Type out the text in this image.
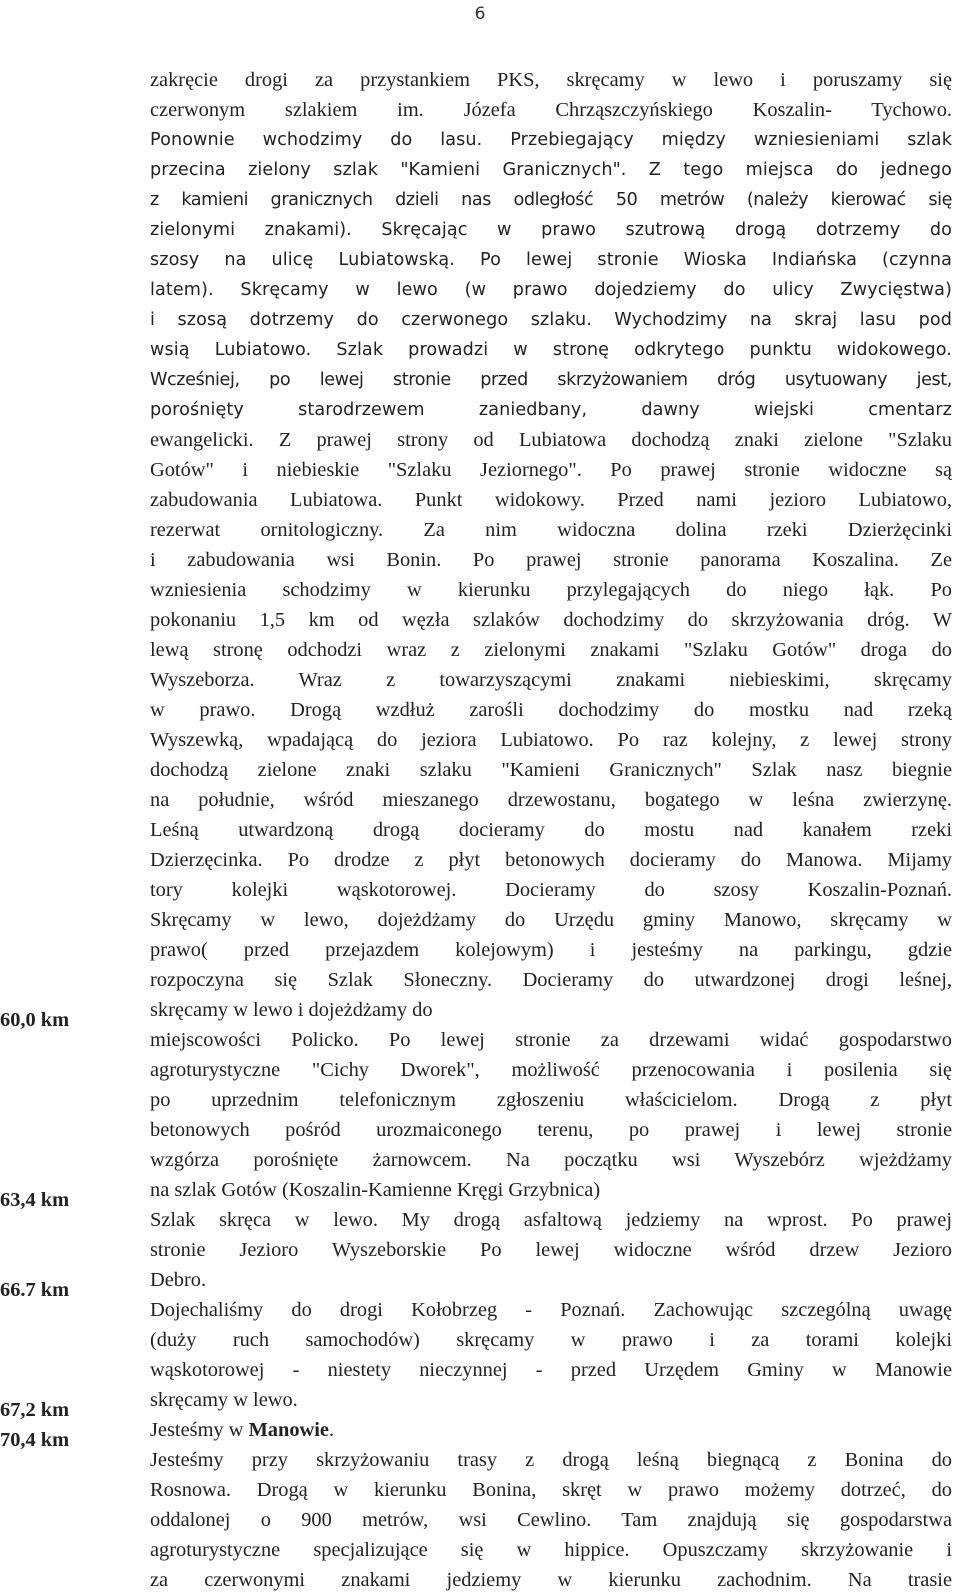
6
60,0 km
63,4 km
66.7 km
67,2 km
70,4 km
zakręcie drogi za przystankiem PKS, skręcamy w lewo i poruszamy się
czerwonym szlakiem im. Józefa Chrząszczyńskiego Koszalin- Tychowo.
Ponownie wchodzimy do lasu. Przebiegający między wzniesieniami szlak
przecina zielony szlak "Kamieni Granicznych". Z tego miejsca do jednego
z kamieni granicznych dzieli nas odległość 50 metrów (należy kierować się
zielonymi znakami). Skręcając w prawo szutrową drogą dotrzemy do
szosy na ulicę Lubiatowską. Po lewej stronie Wioska Indiańska (czynna
latem). Skręcamy w lewo (w prawo dojedziemy do ulicy Zwycięstwa)
i szosą dotrzemy do czerwonego szlaku. Wychodzimy na skraj lasu pod
wsią Lubiatowo. Szlak prowadzi w stronę odkrytego punktu widokowego.
Wcześniej, po lewej stronie przed skrzyżowaniem dróg usytuowany jest,
porośnięty starodrzewem zaniedbany, dawny wiejski cmentarz
ewangelicki. Z prawej strony od Lubiatowa dochodzą znaki zielone "Szlaku
Gotów" i niebieskie "Szlaku Jeziornego". Po prawej stronie widoczne są
zabudowania Lubiatowa. Punkt widokowy. Przed nami jezioro Lubiatowo,
rezerwat ornitologiczny. Za nim widoczna dolina rzeki Dzierżęcinki
i zabudowania wsi Bonin. Po prawej stronie panorama Koszalina. Ze
wzniesienia schodzimy w kierunku przylegających do niego łąk. Po
pokonaniu 1,5 km od węzła szlaków dochodzimy do skrzyżowania dróg. W
lewą stronę odchodzi wraz z zielonymi znakami "Szlaku Gotów" droga do
Wyszeborza. Wraz z towarzyszącymi znakami niebieskimi, skręcamy
w prawo. Drogą wzdłuż zarośli dochodzimy do mostku nad rzeką
Wyszewką, wpadającą do jeziora Lubiatowo. Po raz kolejny, z lewej strony
dochodzą zielone znaki szlaku "Kamieni Granicznych" Szlak nasz biegnie
na południe, wśród mieszanego drzewostanu, bogatego w leśna zwierzynę.
Leśną utwardzoną drogą docieramy do mostu nad kanałem rzeki
Dzierzęcinka. Po drodze z płyt betonowych docieramy do Manowa. Mijamy
tory kolejki wąskotorowej. Docieramy do szosy Koszalin-Poznań.
Skręcamy w lewo, dojeżdżamy do Urzędu gminy Manowo, skręcamy w
prawo( przed przejazdem kolejowym) i jesteśmy na parkingu, gdzie
rozpoczyna się Szlak Słoneczny. Docieramy do utwardzonej drogi leśnej,
skręcamy w lewo i dojeżdżamy do
miejscowości Policko. Po lewej stronie za drzewami widać gospodarstwo
agroturystyczne "Cichy Dworek", możliwość przenocowania i posilenia się
po uprzednim telefonicznym zgłoszeniu właścicielom. Drogą z płyt
betonowych pośród urozmaiconego terenu, po prawej i lewej stronie
wzgórza porośnięte żarnowcem. Na początku wsi Wyszebórz wjeżdżamy
na szlak Gotów (Koszalin-Kamienne Kręgi Grzybnica)
Szlak skręca w lewo. My drogą asfaltową jedziemy na wprost. Po prawej
stronie Jezioro Wyszeborskie Po lewej widoczne wśród drzew Jezioro
Debro.
Dojechaliśmy do drogi Kołobrzeg - Poznań. Zachowując szczególną uwagę
(duży ruch samochodów) skręcamy w prawo i za torami kolejki
wąskotorowej - niestety nieczynnej - przed Urzędem Gminy w Manowie
skręcamy w lewo.
Jesteśmy w Manowie.
Jesteśmy przy skrzyżowaniu trasy z drogą leśną biegnącą z Bonina do
Rosnowa. Drogą w kierunku Bonina, skręt w prawo możemy dotrzeć, do
oddalonej o 900 metrów, wsi Cewlino. Tam znajdują się gospodarstwa
agroturystyczne specjalizujące się w hippice. Opuszczamy skrzyżowanie i
za czerwonymi znakami jedziemy w kierunku zachodnim. Na trasie
